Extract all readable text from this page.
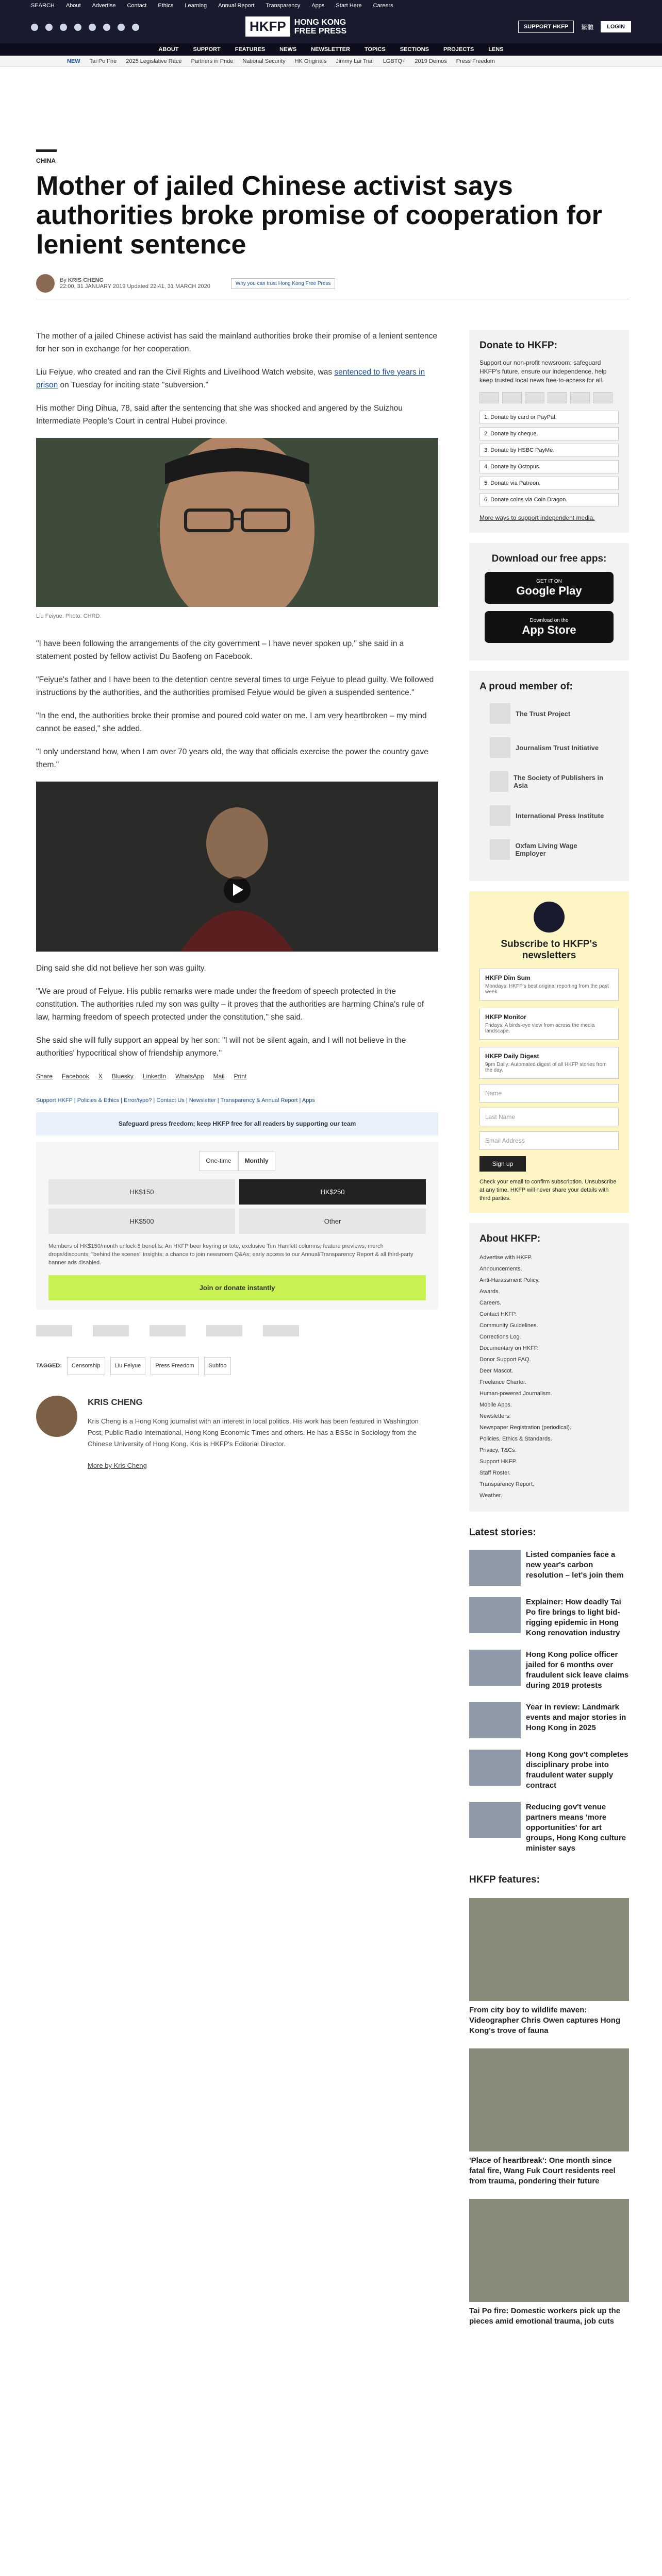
SEARCH About Advertise Contact Ethics Learning Annual Report Transparency Apps Start Here Careers
HKFP	HONG KONG
FREE PRESS	SUPPORT HKFP	繁體	LOGIN
ABOUT	SUPPORT	FEATURES	NEWS	NEWSLETTER	TOPICS	SECTIONS	PROJECTS	LENS
NEW Tai Po Fire 2025 Legislative Race Partners in Pride National Security HK Originals Jimmy Lai Trial LGBTQ+ 2019 Demos Press Freedom
CHINA
Mother of jailed Chinese activist says authorities broke promise of cooperation for lenient sentence
By KRIS CHENG
22:00, 31 JANUARY 2019 Updated 22:41, 31 MARCH 2020	Why you can trust Hong Kong Free Press

The mother of a jailed Chinese activist has said the mainland authorities broke their promise of a lenient sentence for her son in exchange for her cooperation.

Liu Feiyue, who created and ran the Civil Rights and Livelihood Watch website, was sentenced to five years in prison on Tuesday for inciting state "subversion."

His mother Ding Dihua, 78, said after the sentencing that she was shocked and angered by the Suizhou Intermediate People's Court in central Hubei province.

Liu Feiyue. Photo: CHRD.

"I have been following the arrangements of the city government – I have never spoken up," she said in a statement posted by fellow activist Du Baofeng on Facebook.

"Feiyue's father and I have been to the detention centre several times to urge Feiyue to plead guilty. We followed instructions by the authorities, and the authorities promised Feiyue would be given a suspended sentence."

"In the end, the authorities broke their promise and poured cold water on me. I am very heartbroken – my mind cannot be eased," she added.

"I only understand how, when I am over 70 years old, the way that officials exercise the power the country gave them."

Ding said she did not believe her son was guilty.

"We are proud of Feiyue. His public remarks were made under the freedom of speech protected in the constitution. The authorities ruled my son was guilty – it proves that the authorities are harming China's rule of law, harming freedom of speech protected under the constitution," she said.

She said she will fully support an appeal by her son: "I will not be silent again, and I will not believe in the authorities' hypocritical show of friendship anymore."

Share Facebook X Bluesky LinkedIn WhatsApp Mail Print
Support HKFP | Policies & Ethics | Error/typo? | Contact Us | Newsletter | Transparency & Annual Report | Apps
Safeguard press freedom; keep HKFP free for all readers by supporting our team
One-time	Monthly
HK$150	HK$250
HK$500	Other
Members of HK$150/month unlock 8 benefits: An HKFP beer keyring or tote; exclusive Tim Hamlett columns; feature previews; merch drops/discounts; "behind the scenes" insights; a chance to join newsroom Q&As; early access to our Annual/Transparency Report & all third-party banner ads disabled.
Join or donate instantly
TAGGED:	Censorship	Liu Feiyue	Press Freedom	Subfoo
KRIS CHENG

Kris Cheng is a Hong Kong journalist with an interest in local politics. His work has been featured in Washington Post, Public Radio International, Hong Kong Economic Times and others. He has a BSSc in Sociology from the Chinese University of Hong Kong. Kris is HKFP's Editorial Director.

More by Kris Cheng

Donate to HKFP:

Support our non-profit newsroom: safeguard HKFP's future, ensure our independence, help keep trusted local news free-to-access for all.

1. Donate by card or PayPal.
2. Donate by cheque.
3. Donate by HSBC PayMe.
4. Donate by Octopus.
5. Donate via Patreon.
6. Donate coins via Coin Dragon.

More ways to support independent media.

Download our free apps:
GET IT ON
Google Play
Download on the
App Store
A proud member of:
The Trust Project
Journalism Trust Initiative
The Society of Publishers in Asia
International Press Institute
Oxfam Living Wage Employer
Subscribe to HKFP's newsletters
HKFP Dim Sum
Mondays: HKFP's best original reporting from the past week.
HKFP Monitor
Fridays: A birds-eye view from across the media landscape.
HKFP Daily Digest
9pm Daily: Automated digest of all HKFP stories from the day.
Name
Last Name
Email Address
Sign up

Check your email to confirm subscription. Unsubscribe at any time. HKFP will never share your details with third parties.

About HKFP:
Advertise with HKFP.
Announcements.
Anti-Harassment Policy.
Awards.
Careers.
Contact HKFP.
Community Guidelines.
Corrections Log.
Documentary on HKFP.
Donor Support FAQ.
Deer Mascot.
Freelance Charter.
Human-powered Journalism.
Mobile Apps.
Newsletters.
Newspaper Registration (periodical).
Policies, Ethics & Standards.
Privacy, T&Cs.
Support HKFP.
Staff Roster.
Transparency Report.
Weather.
Latest stories:
Listed companies face a new year's carbon resolution – let's join them
Explainer: How deadly Tai Po fire brings to light bid-rigging epidemic in Hong Kong renovation industry
Hong Kong police officer jailed for 6 months over fraudulent sick leave claims during 2019 protests
Year in review: Landmark events and major stories in Hong Kong in 2025
Hong Kong gov't completes disciplinary probe into fraudulent water supply contract
Reducing gov't venue partners means 'more opportunities' for art groups, Hong Kong culture minister says
HKFP features:
From city boy to wildlife maven: Videographer Chris Owen captures Hong Kong's trove of fauna
'Place of heartbreak': One month since fatal fire, Wang Fuk Court residents reel from trauma, pondering their future
Tai Po fire: Domestic workers pick up the pieces amid emotional trauma, job cuts
